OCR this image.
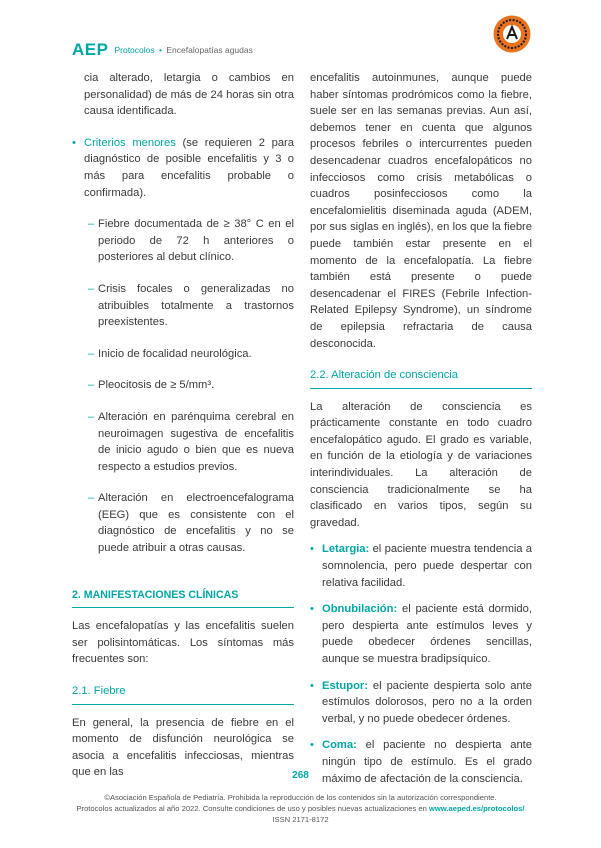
AEP Protocolos • Encefalopatías agudas

cia alterado, letargia o cambios en personalidad) de más de 24 horas sin otra causa identificada.

• Criterios menores (se requieren 2 para diagnóstico de posible encefalitis y 3 o más para encefalitis probable o confirmada).

– Fiebre documentada de ≥ 38° C en el periodo de 72 h anteriores o posteriores al debut clínico.

– Crisis focales o generalizadas no atribuibles totalmente a trastornos preexistentes.

– Inicio de focalidad neurológica.

– Pleocitosis de ≥ 5/mm³.

– Alteración en parénquima cerebral en neuroimagen sugestiva de encefalitis de inicio agudo o bien que es nueva respecto a estudios previos.

– Alteración en electroencefalograma (EEG) que es consistente con el diagnóstico de encefalitis y no se puede atribuir a otras causas.

2. MANIFESTACIONES CLÍNICAS

Las encefalopatías y las encefalitis suelen ser polisintomáticas. Los síntomas más frecuentes son:

2.1. Fiebre

En general, la presencia de fiebre en el momento de disfunción neurológica se asocia a encefalitis infecciosas, mientras que en las

encefalitis autoinmunes, aunque puede haber síntomas prodrómicos como la fiebre, suele ser en las semanas previas. Aun así, debemos tener en cuenta que algunos procesos febriles o intercurrentes pueden desencadenar cuadros encefalopáticos no infecciosos como crisis metabólicas o cuadros posinfecciosos como la encefalomielitis diseminada aguda (ADEM, por sus siglas en inglés), en los que la fiebre puede también estar presente en el momento de la encefalopatía. La fiebre también está presente o puede desencadenar el FIRES (Febrile Infection-Related Epilepsy Syndrome), un síndrome de epilepsia refractaria de causa desconocida.

2.2. Alteración de consciencia

La alteración de consciencia es prácticamente constante en todo cuadro encefalopático agudo. El grado es variable, en función de la etiología y de variaciones interindividuales. La alteración de consciencia tradicionalmente se ha clasificado en varios tipos, según su gravedad.

• Letargia: el paciente muestra tendencia a somnolencia, pero puede despertar con relativa facilidad.

• Obnubilación: el paciente está dormido, pero despierta ante estímulos leves y puede obedecer órdenes sencillas, aunque se muestra bradipsíquico.

• Estupor: el paciente despierta solo ante estímulos dolorosos, pero no a la orden verbal, y no puede obedecer órdenes.

• Coma: el paciente no despierta ante ningún tipo de estímulo. Es el grado máximo de afectación de la consciencia.

268
©Asociación Española de Pediatría. Prohibida la reproducción de los contenidos sin la autorización correspondiente.
Protocolos actualizados al año 2022. Consulte condiciones de uso y posibles nuevas actualizaciones en www.aeped.es/protocolos/
ISSN 2171-8172
